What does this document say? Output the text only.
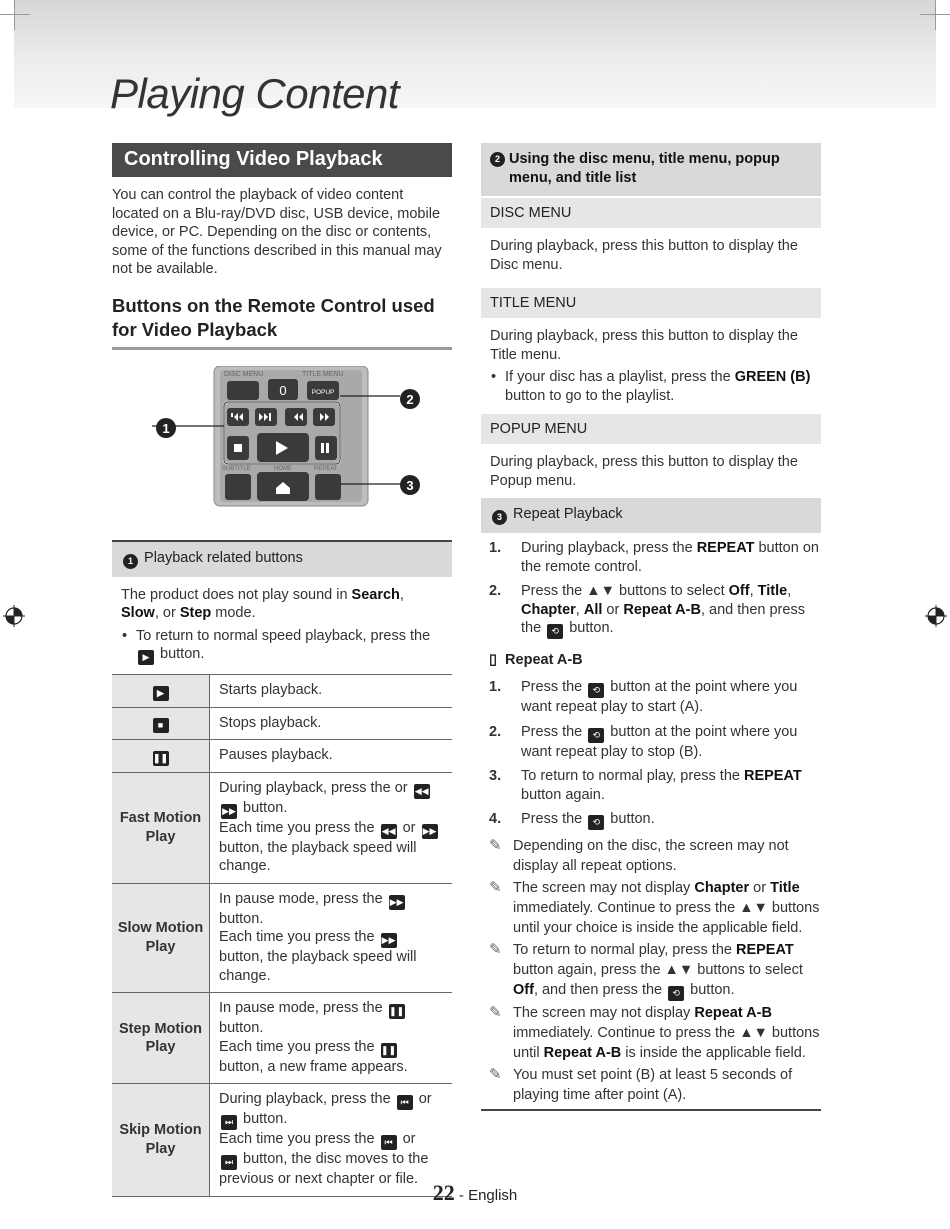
Playing Content
Controlling Video Playback
You can control the playback of video content located on a Blu-ray/DVD disc, USB device, mobile device, or PC. Depending on the disc or contents, some of the functions described in this manual may not be available.
Buttons on the Remote Control used for Video Playback
DISC MENU	TITLE MENU
SUBTITLE	HOME	REPEAT
0	POPUP
1
2
3
1 Playback related buttons
The product does not play sound in Search, Slow, or Step mode.
• To return to normal speed playback, press the
▶ button.
▶	Starts playback.
■	Stops playback.
❚❚	Pauses playback.
Fast Motion Play	During playback, press the or ◀◀
▶▶ button.
Each time you press the ◀◀ or ▶▶ button, the playback speed will change.
Slow Motion Play	In pause mode, press the ▶▶
button.
Each time you press the ▶▶ button, the playback speed will change.
Step Motion Play	In pause mode, press the ❚❚
button.
Each time you press the ❚❚ button, a new frame appears.
Skip Motion Play	During playback, press the ⏮ or
⏭ button.
Each time you press the ⏮ or
⏭ button, the disc moves to the previous or next chapter or file.
2 Using the disc menu, title menu, popup menu, and title list
DISC MENU
During playback, press this button to display the Disc menu.
TITLE MENU
During playback, press this button to display the Title menu.
• If your disc has a playlist, press the GREEN (B) button to go to the playlist.
POPUP MENU
During playback, press this button to display the Popup menu.
3 Repeat Playback
1. During playback, press the REPEAT button on the remote control.
2. Press the ▲▼ buttons to select Off, Title, Chapter, All or Repeat A-B, and then press the ⟲ button.
▯  Repeat A-B
1. Press the ⟲ button at the point where you want repeat play to start (A).
2. Press the ⟲ button at the point where you want repeat play to stop (B).
3. To return to normal play, press the REPEAT button again.
4. Press the ⟲ button.
✎ Depending on the disc, the screen may not display all repeat options.
✎ The screen may not display Chapter or Title immediately. Continue to press the ▲▼ buttons until your choice is inside the applicable field.
✎ To return to normal play, press the REPEAT button again, press the ▲▼ buttons to select Off, and then press the ⟲ button.
✎ The screen may not display Repeat A-B immediately. Continue to press the ▲▼ buttons until Repeat A-B is inside the applicable field.
✎ You must set point (B) at least 5 seconds of playing time after point (A).
22 - English
